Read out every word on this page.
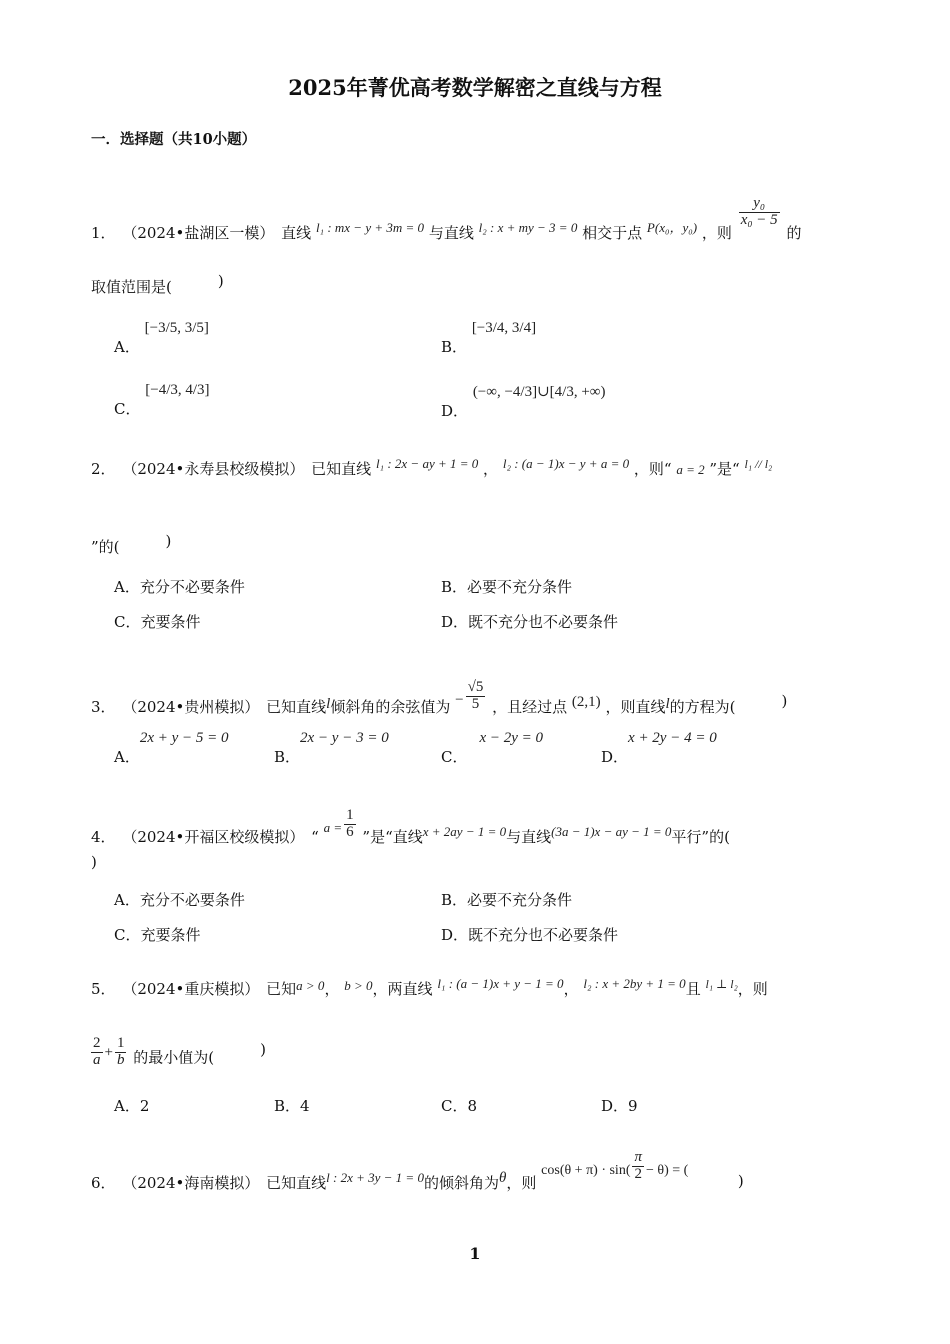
2025年菁优高考数学解密之直线与方程
一．选择题（共10小题）
1． （2024•盐湖区一模） 直线 l₁ : mx − y + 3m = 0 与直线 l₂ : x + my − 3 = 0 相交于点 P(x₀，y₀) ，则
$\frac{\text{y₀}}{\text{x₀ − 5}}$
的
取值范围是(	)
A． [−3/5, 3/5]
B． [−3/4, 3/4]
C． [−4/3, 4/3]
D． (−∞, −4/3]∪[4/3, +∞)
2． （2024•永寿县校级模拟） 已知直线 l₁ : 2x − ay + 1 = 0 ， l₂ : (a − 1)x − y + a = 0 ，则“ a = 2 ”是“ $^{l_1 // l_2}$
”的(	)
A．充分不必要条件	B．必要不充分条件
C．充要条件	D．既不充分也不必要条件
3． （2024•贵州模拟） 已知直线l倾斜角的余弦值为 − $\frac{√5}{5}$ ，且经过点 (2,1) ，则直线l的方程为(	)
A．2x + y − 5 = 0
B．2x − y − 3 = 0
C．x − 2y = 0
D．x + 2y − 4 = 0
4． （2024•开福区校级模拟） “ $a = \frac{1}{6}$ ”是“直线x + 2ay − 1 = 0与直线(3a − 1)x − ay − 1 = 0平行”的(
)
A．充分不必要条件	B．必要不充分条件
C．充要条件	D．既不充分也不必要条件
5． （2024•重庆模拟） 已知a > 0， b > 0，两直线 l₁ : (a − 1)x + y − 1 = 0， l₂ : x + 2by + 1 = 0且 $^{l_1 \perp l_2}$，则
$\frac{2}{a} + \frac{1}{b}$ 的最小值为(	)
A．2	B．4	C．8	D．9
6． （2024•海南模拟） 已知直线l : 2x + 3y − 1 = 0的倾斜角为θ，则 $\cos(\theta + \pi) \cdot \sin( \frac{\pi}{2} - \theta)$ = ( )
1
